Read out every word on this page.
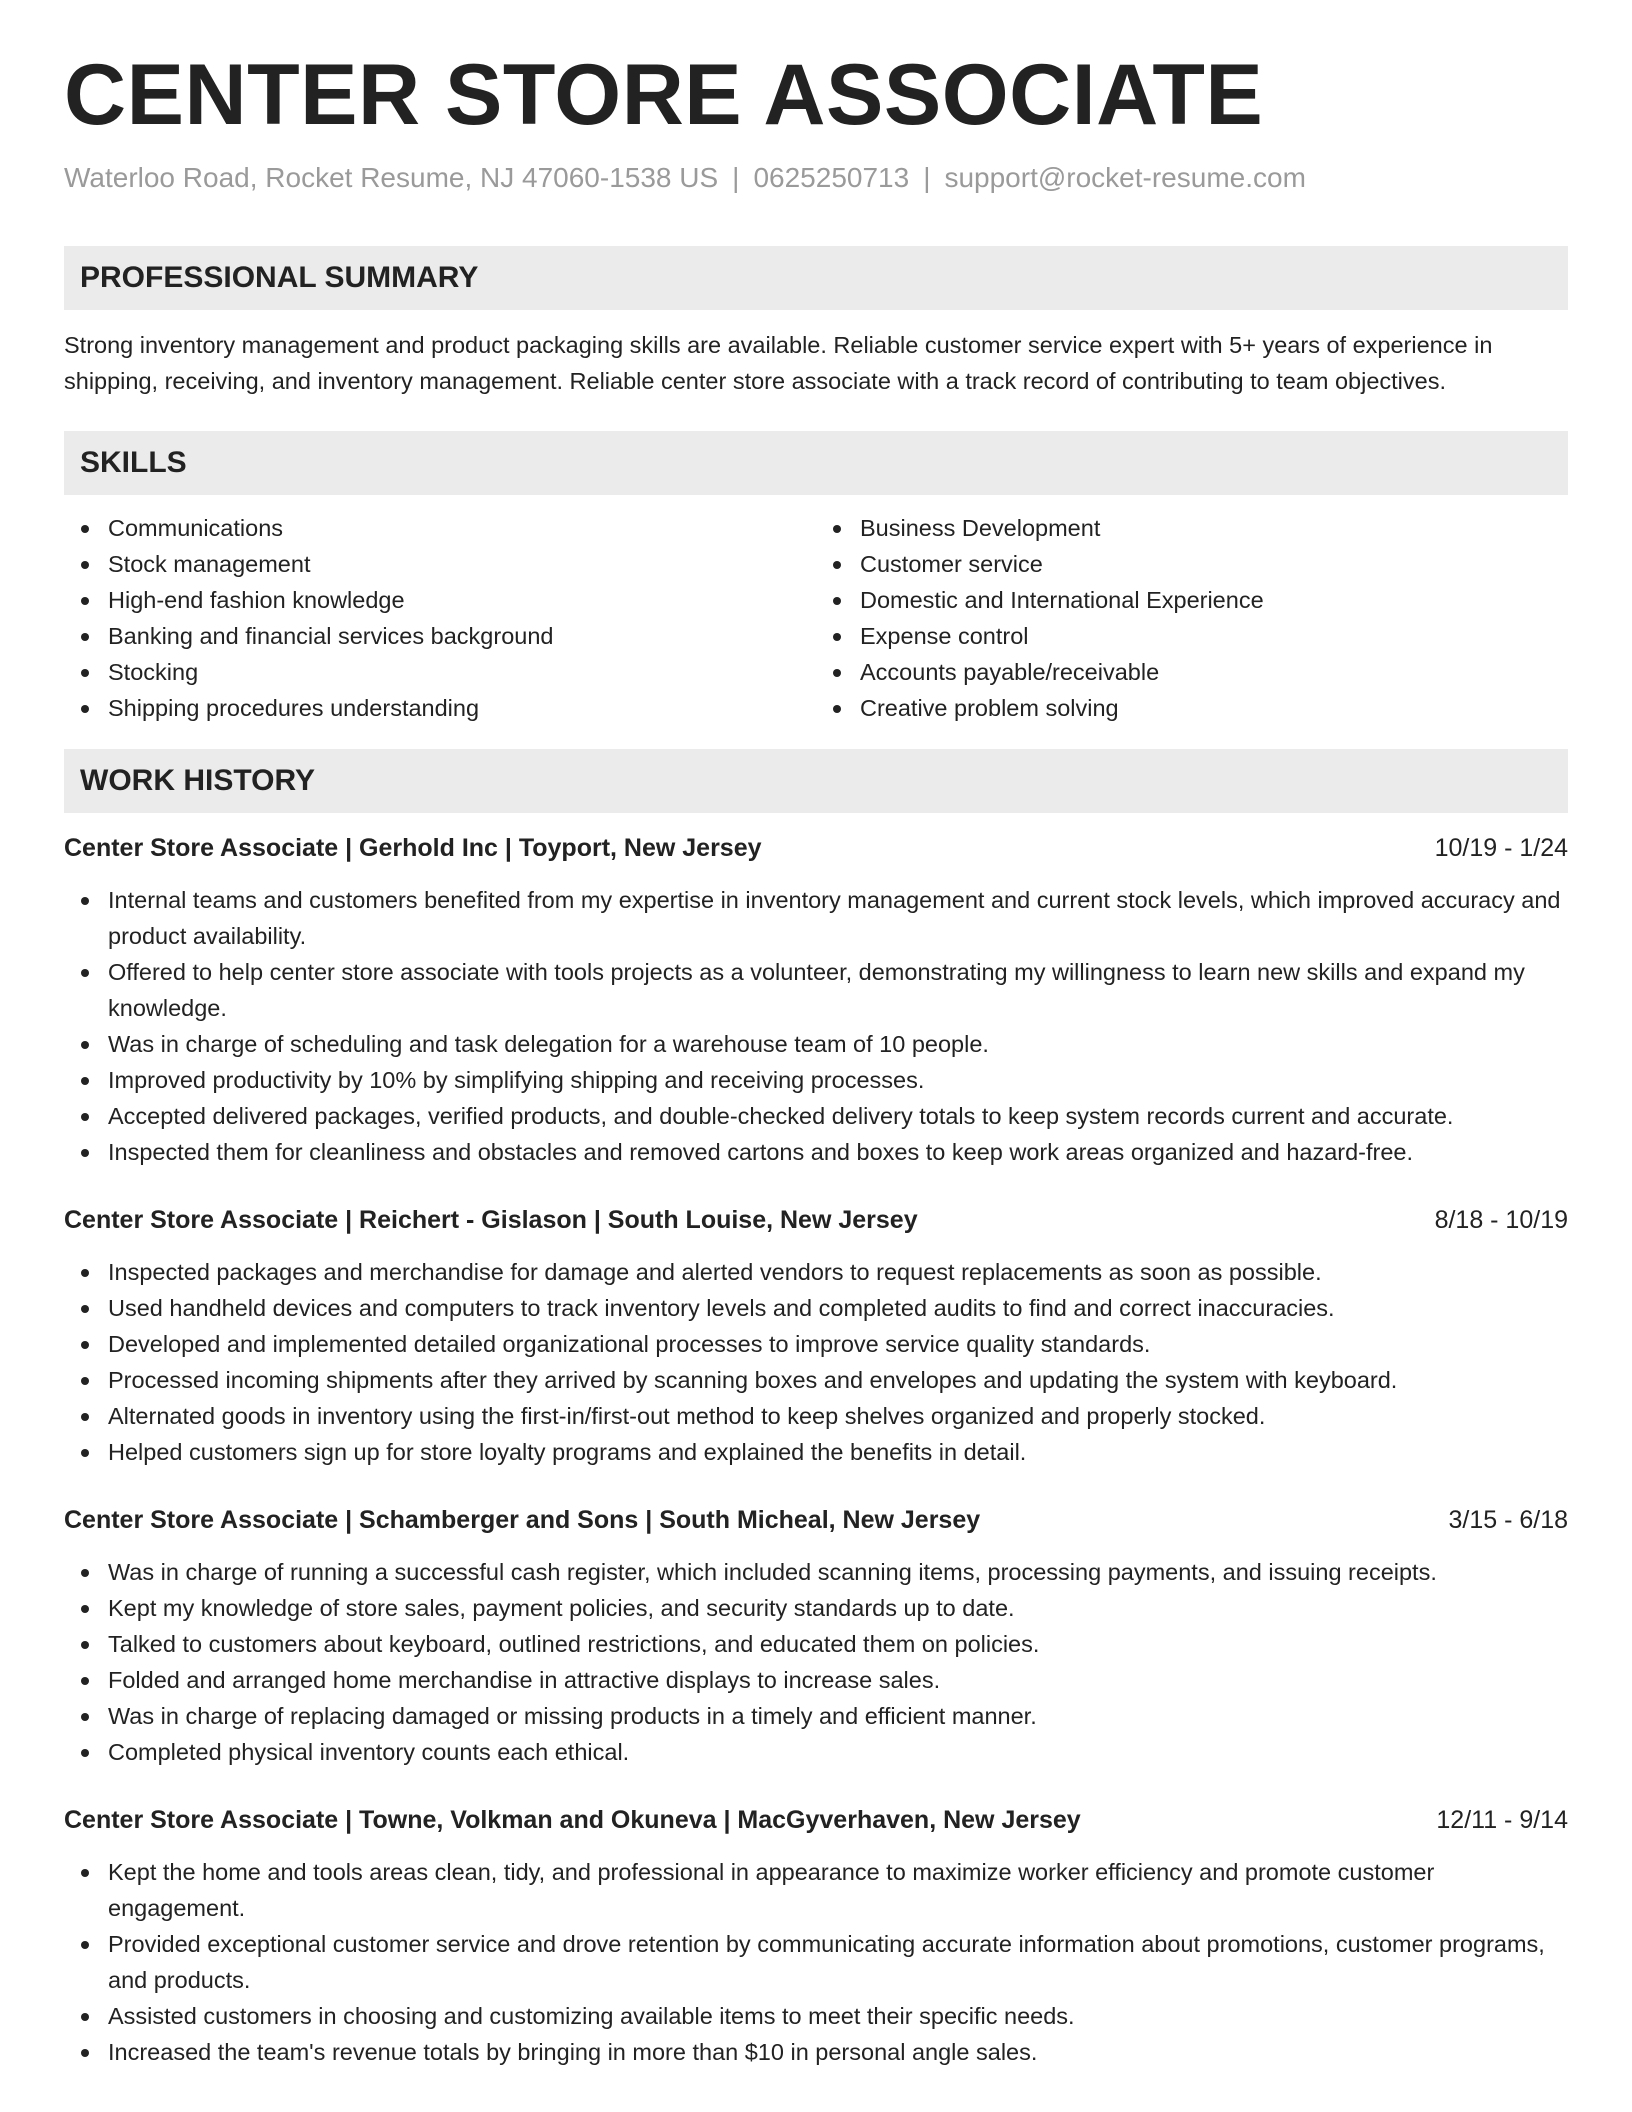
CENTER STORE ASSOCIATE
Waterloo Road, Rocket Resume, NJ 47060-1538 US | 0625250713 | support@rocket-resume.com
PROFESSIONAL SUMMARY
Strong inventory management and product packaging skills are available. Reliable customer service expert with 5+ years of experience in shipping, receiving, and inventory management. Reliable center store associate with a track record of contributing to team objectives.
SKILLS
Communications
Stock management
High-end fashion knowledge
Banking and financial services background
Stocking
Shipping procedures understanding
Business Development
Customer service
Domestic and International Experience
Expense control
Accounts payable/receivable
Creative problem solving
WORK HISTORY
Center Store Associate | Gerhold Inc | Toyport, New Jersey	10/19 - 1/24
Internal teams and customers benefited from my expertise in inventory management and current stock levels, which improved accuracy and product availability.
Offered to help center store associate with tools projects as a volunteer, demonstrating my willingness to learn new skills and expand my knowledge.
Was in charge of scheduling and task delegation for a warehouse team of 10 people.
Improved productivity by 10% by simplifying shipping and receiving processes.
Accepted delivered packages, verified products, and double-checked delivery totals to keep system records current and accurate.
Inspected them for cleanliness and obstacles and removed cartons and boxes to keep work areas organized and hazard-free.
Center Store Associate | Reichert - Gislason | South Louise, New Jersey	8/18 - 10/19
Inspected packages and merchandise for damage and alerted vendors to request replacements as soon as possible.
Used handheld devices and computers to track inventory levels and completed audits to find and correct inaccuracies.
Developed and implemented detailed organizational processes to improve service quality standards.
Processed incoming shipments after they arrived by scanning boxes and envelopes and updating the system with keyboard.
Alternated goods in inventory using the first-in/first-out method to keep shelves organized and properly stocked.
Helped customers sign up for store loyalty programs and explained the benefits in detail.
Center Store Associate | Schamberger and Sons | South Micheal, New Jersey	3/15 - 6/18
Was in charge of running a successful cash register, which included scanning items, processing payments, and issuing receipts.
Kept my knowledge of store sales, payment policies, and security standards up to date.
Talked to customers about keyboard, outlined restrictions, and educated them on policies.
Folded and arranged home merchandise in attractive displays to increase sales.
Was in charge of replacing damaged or missing products in a timely and efficient manner.
Completed physical inventory counts each ethical.
Center Store Associate | Towne, Volkman and Okuneva | MacGyverhaven, New Jersey	12/11 - 9/14
Kept the home and tools areas clean, tidy, and professional in appearance to maximize worker efficiency and promote customer engagement.
Provided exceptional customer service and drove retention by communicating accurate information about promotions, customer programs, and products.
Assisted customers in choosing and customizing available items to meet their specific needs.
Increased the team's revenue totals by bringing in more than $10 in personal angle sales.
